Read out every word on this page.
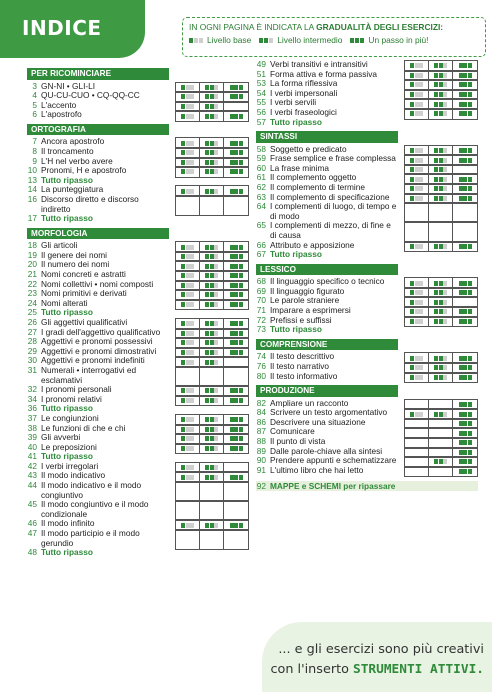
INDICE	IN OGNI PAGINA È INDICATA LA GRADUALITÀ DEGLI ESERCIZI:
Livello base	Livello intermedio	Un passo in più!
PER RICOMINCIARE
3 GN-NI • GLI-LI
4 QU-CU-CUO • CQ-QQ-CC
5 L'accento
6 L'apostrofo
ORTOGRAFIA
7 Ancora apostrofo
8 Il troncamento
9 L'H nel verbo avere
10 Pronomi, H e apostrofo
13 Tutto ripasso
14 La punteggiatura
16 Discorso diretto e discorso indiretto
17 Tutto ripasso
MORFOLOGIA
18 Gli articoli
19 Il genere dei nomi
20 Il numero dei nomi
21 Nomi concreti e astratti
22 Nomi collettivi • nomi composti
23 Nomi primitivi e derivati
24 Nomi alterati
25 Tutto ripasso
26 Gli aggettivi qualificativi
27 I gradi dell'aggettivo qualificativo
28 Aggettivi e pronomi possessivi
29 Aggettivi e pronomi dimostrativi
30 Aggettivi e pronomi indefiniti
31 Numerali • interrogativi ed esclamativi
32 I pronomi personali
34 I pronomi relativi
36 Tutto ripasso
37 Le congiunzioni
38 Le funzioni di che e chi
39 Gli avverbi
40 Le preposizioni
41 Tutto ripasso
42 I verbi irregolari
43 Il modo indicativo
44 Il modo indicativo e il modo congiuntivo
45 Il modo congiuntivo e il modo condizionale
46 Il modo infinito
47 Il modo participio e il modo gerundio
48 Tutto ripasso
49 Verbi transitivi e intransitivi
51 Forma attiva e forma passiva
53 La forma riflessiva
54 I verbi impersonali
55 I verbi servili
56 I verbi fraseologici
57 Tutto ripasso
SINTASSI
58 Soggetto e predicato
59 Frase semplice e frase complessa
60 La frase minima
61 Il complemento oggetto
62 Il complemento di termine
63 Il complemento di specificazione
64 I complementi di luogo, di tempo e di modo
65 I complementi di mezzo, di fine e di causa
66 Attributo e apposizione
67 Tutto ripasso
LESSICO
68 Il linguaggio specifico o tecnico
69 Il linguaggio figurato
70 Le parole straniere
71 Imparare a esprimersi
72 Prefissi e suffissi
73 Tutto ripasso
COMPRENSIONE
74 Il testo descrittivo
76 Il testo narrativo
80 Il testo informativo
PRODUZIONE
82 Ampliare un racconto
84 Scrivere un testo argomentativo
86 Descrivere una situazione
87 Comunicare
88 Il punto di vista
89 Dalle parole-chiave alla sintesi
90 Prendere appunti e schematizzare
91 L'ultimo libro che hai letto
92 MAPPE e SCHEMI per ripassare
... e gli esercizi sono più creativi
con l'inserto STRUMENTI ATTIVI.
